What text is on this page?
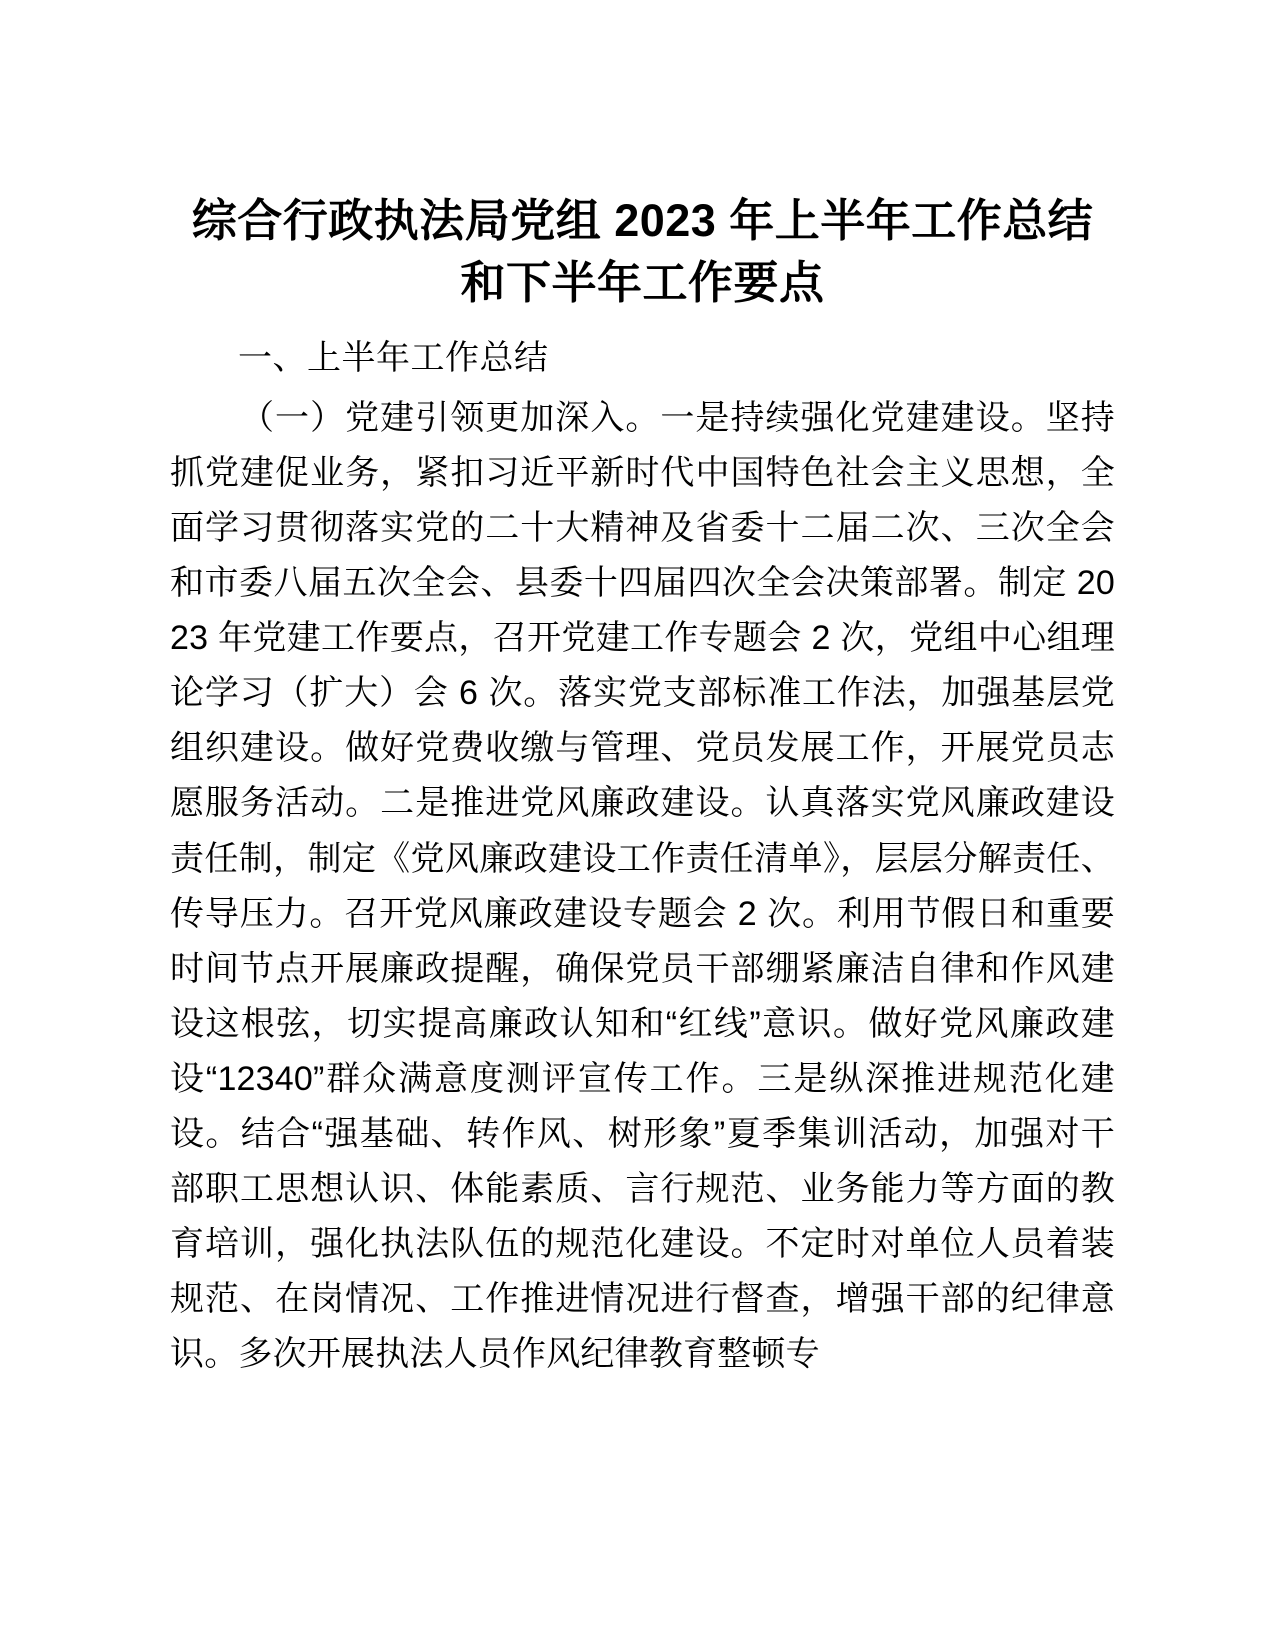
综合行政执法局党组 2023 年上半年工作总结和下半年工作要点
一、上半年工作总结

（一）党建引领更加深入。一是持续强化党建建设。坚持抓党建促业务，紧扣习近平新时代中国特色社会主义思想，全面学习贯彻落实党的二十大精神及省委十二届二次、三次全会和市委八届五次全会、县委十四届四次全会决策部署。制定 2023 年党建工作要点，召开党建工作专题会 2 次，党组中心组理论学习（扩大）会 6 次。落实党支部标准工作法，加强基层党组织建设。做好党费收缴与管理、党员发展工作，开展党员志愿服务活动。二是推进党风廉政建设。认真落实党风廉政建设责任制，制定《党风廉政建设工作责任清单》，层层分解责任、传导压力。召开党风廉政建设专题会 2 次。利用节假日和重要时间节点开展廉政提醒，确保党员干部绷紧廉洁自律和作风建设这根弦，切实提高廉政认知和“红线”意识。做好党风廉政建设“12340”群众满意度测评宣传工作。三是纵深推进规范化建设。结合“强基础、转作风、树形象”夏季集训活动，加强对干部职工思想认识、体能素质、言行规范、业务能力等方面的教育培训，强化执法队伍的规范化建设。不定时对单位人员着装规范、在岗情况、工作推进情况进行督查，增强干部的纪律意识。多次开展执法人员作风纪律教育整顿专
